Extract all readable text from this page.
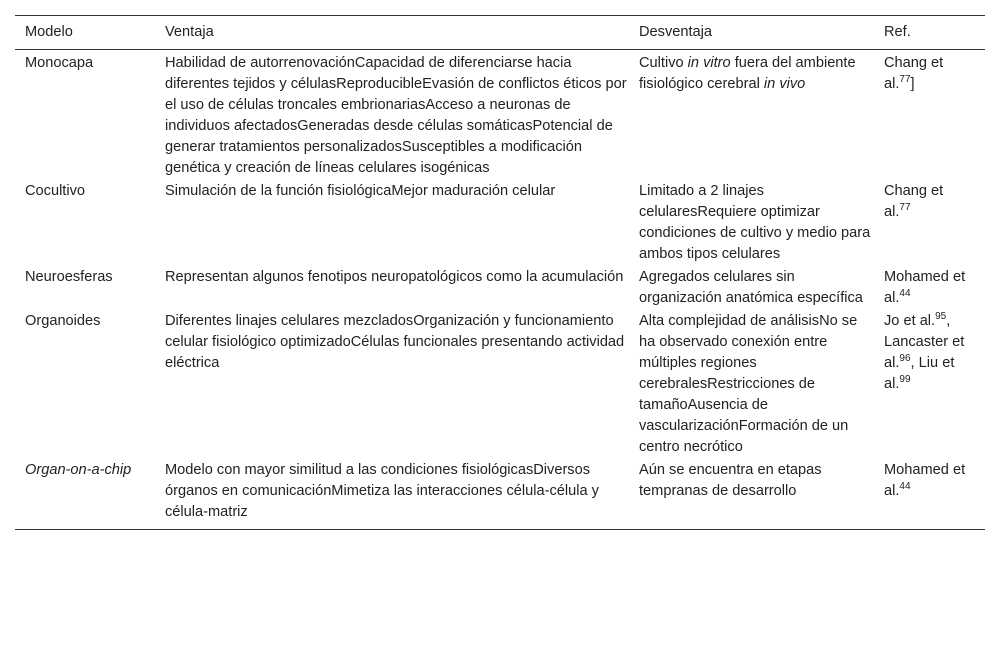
Modelo	Ventaja	Desventaja	Ref.
Monocapa	Habilidad de autorrenovaciónCapacidad de diferenciarse hacia diferentes tejidos y célulasReproducibleEvasión de conflictos éticos por el uso de células troncales embrionariasAcceso a neuronas de individuos afectadosGeneradas desde células somáticasPotencial de generar tratamientos personalizadosSusceptibles a modificación genética y creación de líneas celulares isogénicas	Cultivo in vitro fuera del ambiente fisiológico cerebral in vivo	Chang et al.$^{77}$]
Cocultivo	Simulación de la función fisiológicaMejor maduración celular	Limitado a 2 linajes celularesRequiere optimizar condiciones de cultivo y medio para ambos tipos celulares	Chang et al.$^{77}$
Neuroesferas	Representan algunos fenotipos neuropatológicos como la acumulación	Agregados celulares sin organización anatómica específica	Mohamed et al.$^{44}$
Organoides	Diferentes linajes celulares mezcladosOrganización y funcionamiento celular fisiológico optimizadoCélulas funcionales presentando actividad eléctrica	Alta complejidad de análisisNo se ha observado conexión entre múltiples regiones cerebralesRestricciones de tamañoAusencia de vascularizaciónFormación de un centro necrótico	Jo et al.$^{95}$, Lancaster et al.$^{96}$, Liu et al.$^{99}$
Organ-on-a-chip	Modelo con mayor similitud a las condiciones fisiológicasDiversos órganos en comunicaciónMimetiza las interacciones célula-célula y célula-matriz	Aún se encuentra en etapas tempranas de desarrollo	Mohamed et al.$^{44}$
